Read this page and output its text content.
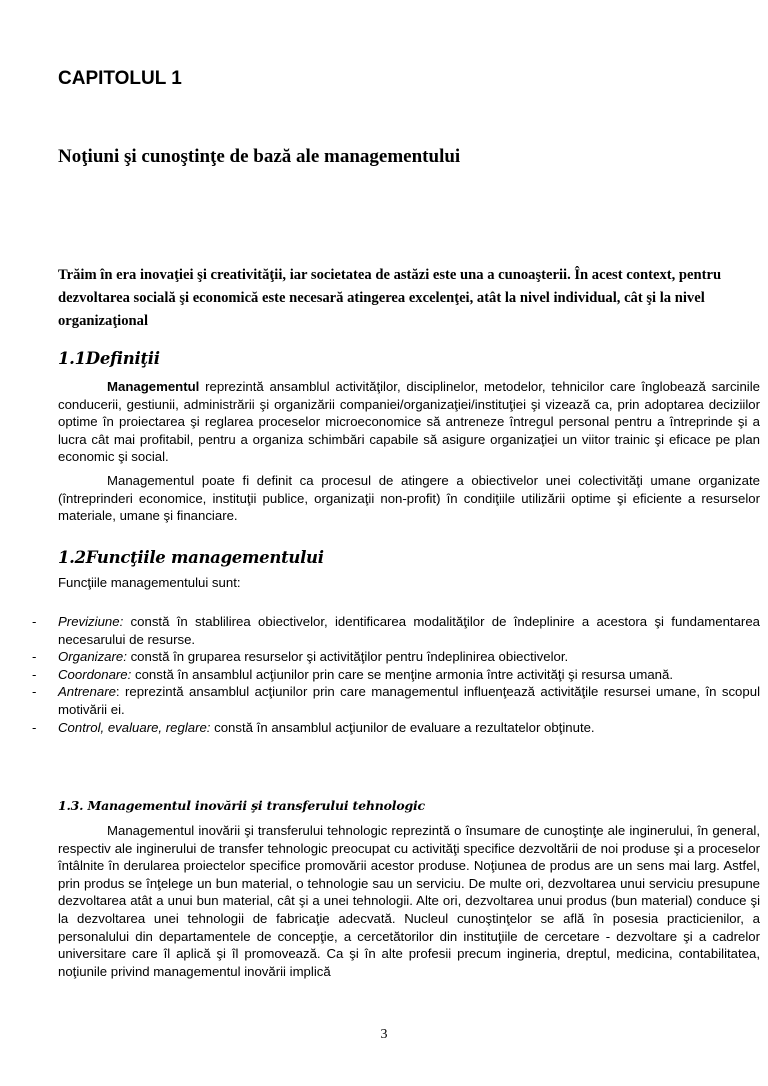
CAPITOLUL 1
Noţiuni şi cunoştinţe de bază ale managementului

Trăim în era inovaţiei şi creativităţii, iar societatea de astăzi este una a cunoaşterii. În acest context, pentru dezvoltarea socială şi economică este necesară atingerea excelenţei, atât la nivel individual, cât şi la nivel organizaţional

1.1Definiţii

Managementul reprezintă ansamblul activităţilor, disciplinelor, metodelor, tehnicilor care înglobează sarcinile conducerii, gestiunii, administrării şi organizării companiei/organizaţiei/instituţiei şi vizează ca, prin adoptarea deciziilor optime în proiectarea şi reglarea proceselor microeconomice să antreneze întregul personal pentru a întreprinde şi a lucra cât mai profitabil, pentru a organiza schimbări capabile să asigure organizaţiei un viitor trainic şi eficace pe plan economic şi social.

Managementul poate fi definit ca procesul de atingere a obiectivelor unei colectivităţi umane organizate (întreprinderi economice, instituţii publice, organizaţii non-profit) în condiţiile utilizării optime şi eficiente a resurselor materiale, umane şi financiare.

1.2Funcţiile managementului

Funcţiile managementului sunt:

- Previziune: constă în stablilirea obiectivelor, identificarea modalităţilor de îndeplinire a acestora şi fundamentarea necesarului de resurse.
- Organizare: constă în gruparea resurselor şi activităţilor pentru îndeplinirea obiectivelor.
- Coordonare: constă în ansamblul acţiunilor prin care se menţine armonia între activităţi şi resursa umană.
- Antrenare: reprezintă ansamblul acţiunilor prin care managementul influenţează activităţile resursei umane, în scopul motivării ei.
- Control, evaluare, reglare: constă în ansamblul acţiunilor de evaluare a rezultatelor obţinute.
1.3. Managementul inovării şi transferului tehnologic

Managementul inovării şi transferului tehnologic reprezintă o însumare de cunoştinţe ale inginerului, în general, respectiv ale inginerului de transfer tehnologic preocupat cu activităţi specifice dezvoltării de noi produse şi a proceselor întâlnite în derularea proiectelor specifice promovării acestor produse. Noţiunea de produs are un sens mai larg. Astfel, prin produs se înţelege un bun material, o tehnologie sau un serviciu. De multe ori, dezvoltarea unui serviciu presupune dezvoltarea atât a unui bun material, cât şi a unei tehnologii. Alte ori, dezvoltarea unui produs (bun material) conduce şi la dezvoltarea unei tehnologii de fabricaţie adecvată. Nucleul cunoştinţelor se află în posesia practicienilor, a personalului din departamentele de concepţie, a cercetătorilor din instituţiile de cercetare - dezvoltare şi a cadrelor universitare care îl aplică şi îl promovează. Ca şi în alte profesii precum ingineria, dreptul, medicina, contabilitatea, noţiunile privind managementul inovării implică

3
